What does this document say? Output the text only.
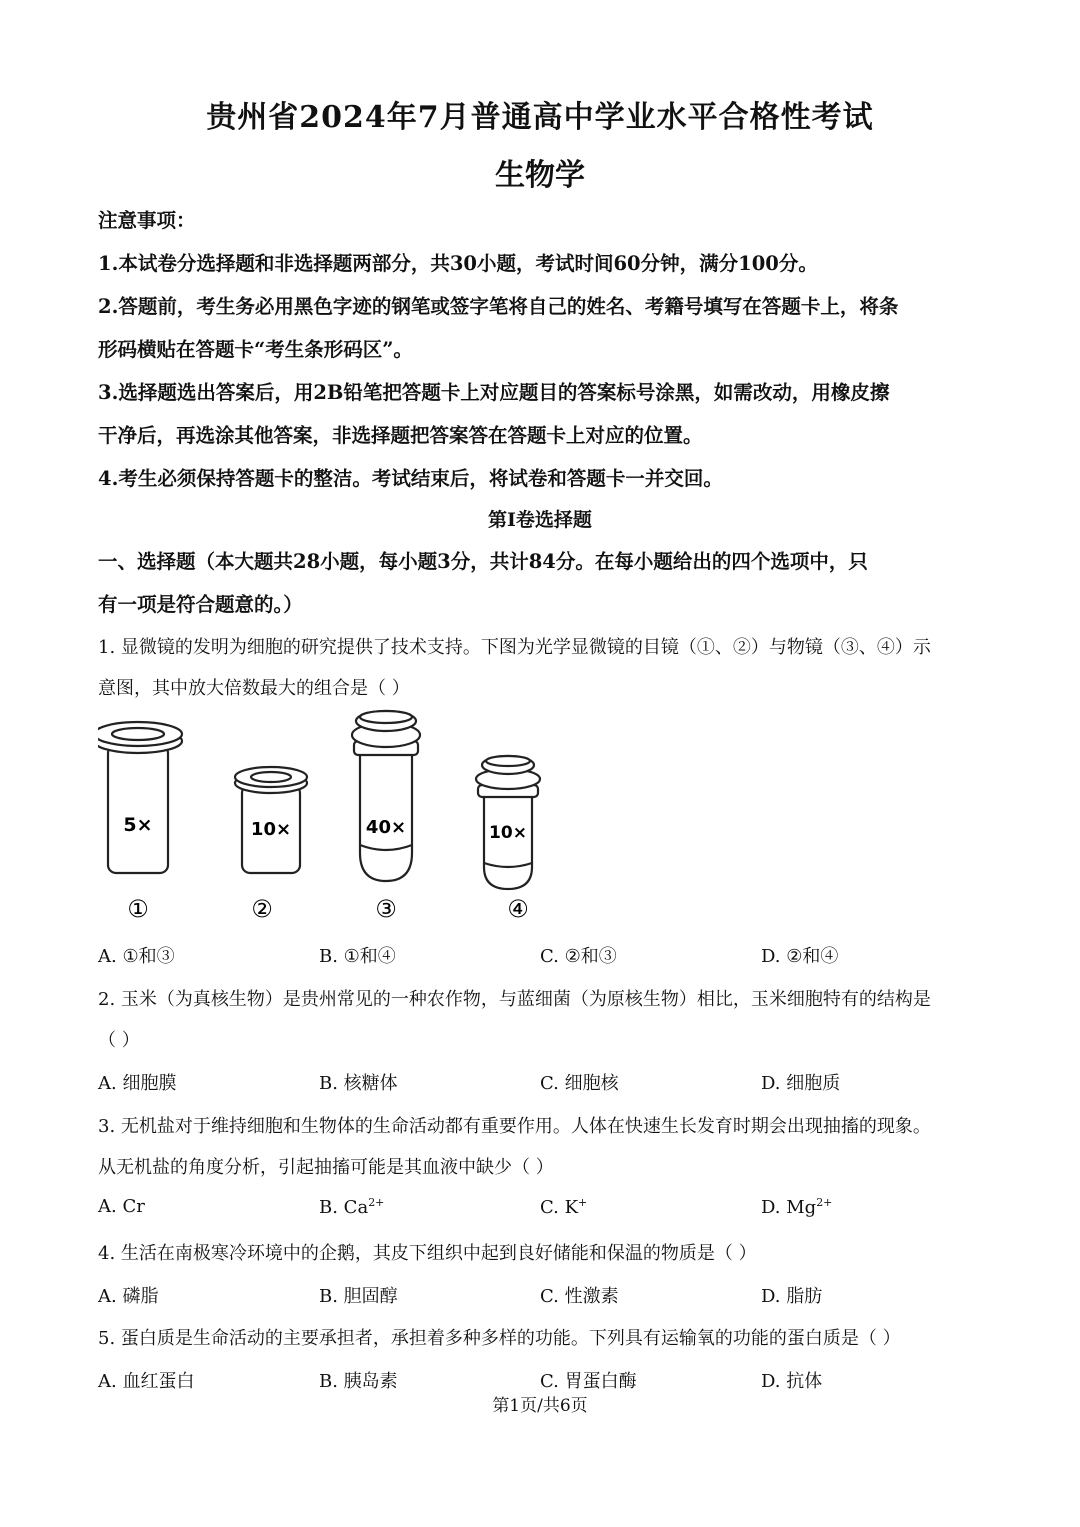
贵州省2024年7月普通高中学业水平合格性考试
生物学
注意事项：
1.本试卷分选择题和非选择题两部分，共30小题，考试时间60分钟，满分100分。
2.答题前，考生务必用黑色字迹的钢笔或签字笔将自己的姓名、考籍号填写在答题卡上，将条
形码横贴在答题卡“考生条形码区”。
3.选择题选出答案后，用2B铅笔把答题卡上对应题目的答案标号涂黑，如需改动，用橡皮擦
干净后，再选涂其他答案，非选择题把答案答在答题卡上对应的位置。
4.考生必须保持答题卡的整洁。考试结束后，将试卷和答题卡一并交回。
第I卷选择题
一、选择题（本大题共28小题，每小题3分，共计84分。在每小题给出的四个选项中，只
有一项是符合题意的。）
1. 显微镜的发明为细胞的研究提供了技术支持。下图为光学显微镜的目镜（①、②）与物镜（③、④）示
意图，其中放大倍数最大的组合是（ ）
5×
①
10×
②
40×
③
10×
④
A. ①和③	B. ①和④	C. ②和③	D. ②和④
2. 玉米（为真核生物）是贵州常见的一种农作物，与蓝细菌（为原核生物）相比，玉米细胞特有的结构是
（ ）
A. 细胞膜	B. 核糖体	C. 细胞核	D. 细胞质
3. 无机盐对于维持细胞和生物体的生命活动都有重要作用。人体在快速生长发育时期会出现抽搐的现象。
从无机盐的角度分析，引起抽搐可能是其血液中缺少（ ）
A. Cr	B. $Ca^{2+}$	C. K+	D. $Mg^{2+}$
4. 生活在南极寒冷环境中的企鹅，其皮下组织中起到良好储能和保温的物质是（ ）
A. 磷脂	B. 胆固醇	C. 性激素	D. 脂肪
5. 蛋白质是生命活动的主要承担者，承担着多种多样的功能。下列具有运输氧的功能的蛋白质是（ ）
A. 血红蛋白	B. 胰岛素	C. 胃蛋白酶	D. 抗体
第1页/共6页
